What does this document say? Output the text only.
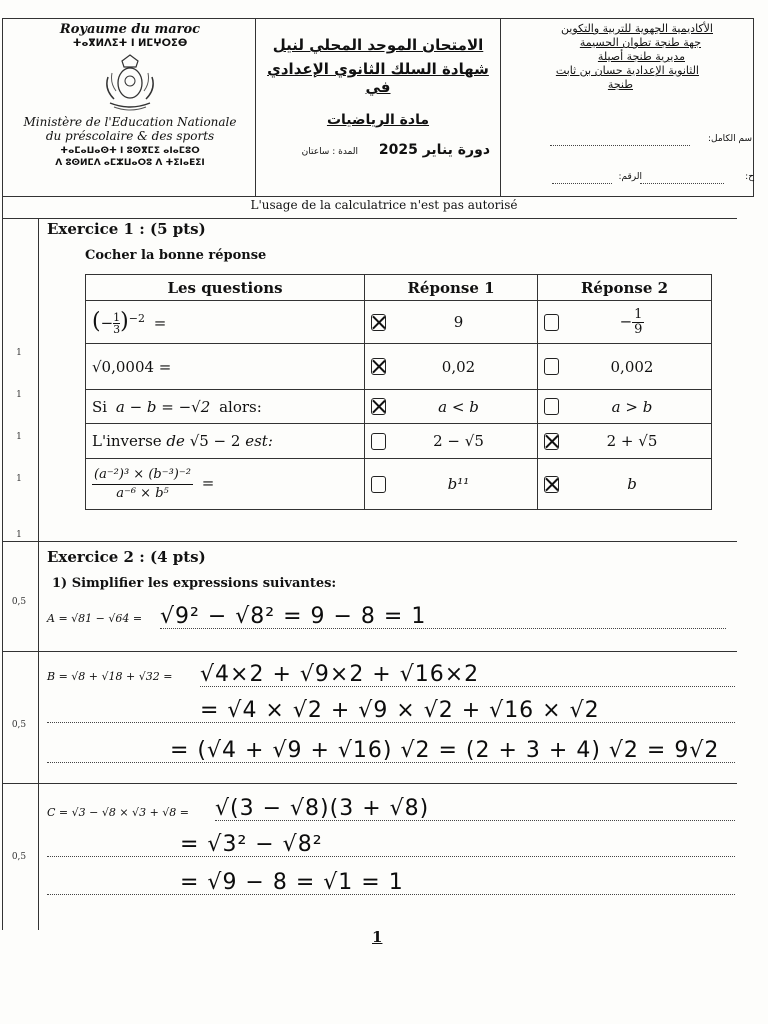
Royaume du maroc
ⵜⴰⴳⵍⴷⵉⵜ ⵏ ⵍⵎⵖⵔⵉⴱ
Ministère de l'Education Nationale
du préscolaire & des sports
ⵜⴰⵎⴰⵡⴰⵙⵜ ⵏ ⵓⵙⴳⵎⵉ ⴰⵏⴰⵎⵓⵔ
ⴷ ⵓⵙⵍⵎⴷ ⴰⵎⵣⵡⴰⵔⵓ ⴷ ⵜⵉⵏⴰⴹⵉⵏ
الامتحان الموحد المحلي لنيل
شهادة السلك الثانوي الإعدادي في
مادة الرياضيات
دورة يناير 2025
المدة : ساعتان
الأكاديمية الجهوية للتربية والتكوين
جهة طنجة تطوان الحسيمة
مديرية طنجة أصيلة
الثانوية الإعدادية حسان بن ثابت
طنجة
سم الكامل:
ح:
الرقم:
L'usage de la calculatrice n'est pas autorisé
Exercice 1 : (5 pts)
Cocher la bonne réponse
Les questions	Réponse 1	Réponse 2
(− $\frac{1}{3} )^{-2}$ =	9	− $\frac{1}{9}$

√0,0004 =	0,02	0,002

Si a − b = −√2 alors:	a < b	a > b

L'inverse de √5 − 2 est:	2 − √5	2 + √5

$\frac{\text{(a⁻²)³ × (b⁻³)⁻²}}{\text{a⁻⁶ × b⁵}}$ =	b¹¹	b
1
1
1
1
1
Exercice 2 : (4 pts)
1) Simplifier les expressions suivantes:
0,5
A = √81 − √64 = √9² − √8² = 9 − 8 = 1
0,5
B = √8 + √18 + √32 = √4×2 + √9×2 + √16×2
= √4 × √2 + √9 × √2 + √16 × √2
= (√4 + √9 + √16) √2 = (2 + 3 + 4) √2 = 9√2
0,5
C = √3 − √8 × √3 + √8 = √(3 − √8)(3 + √8)
= √3² − √8²
= √9 − 8 = √1 = 1
1
